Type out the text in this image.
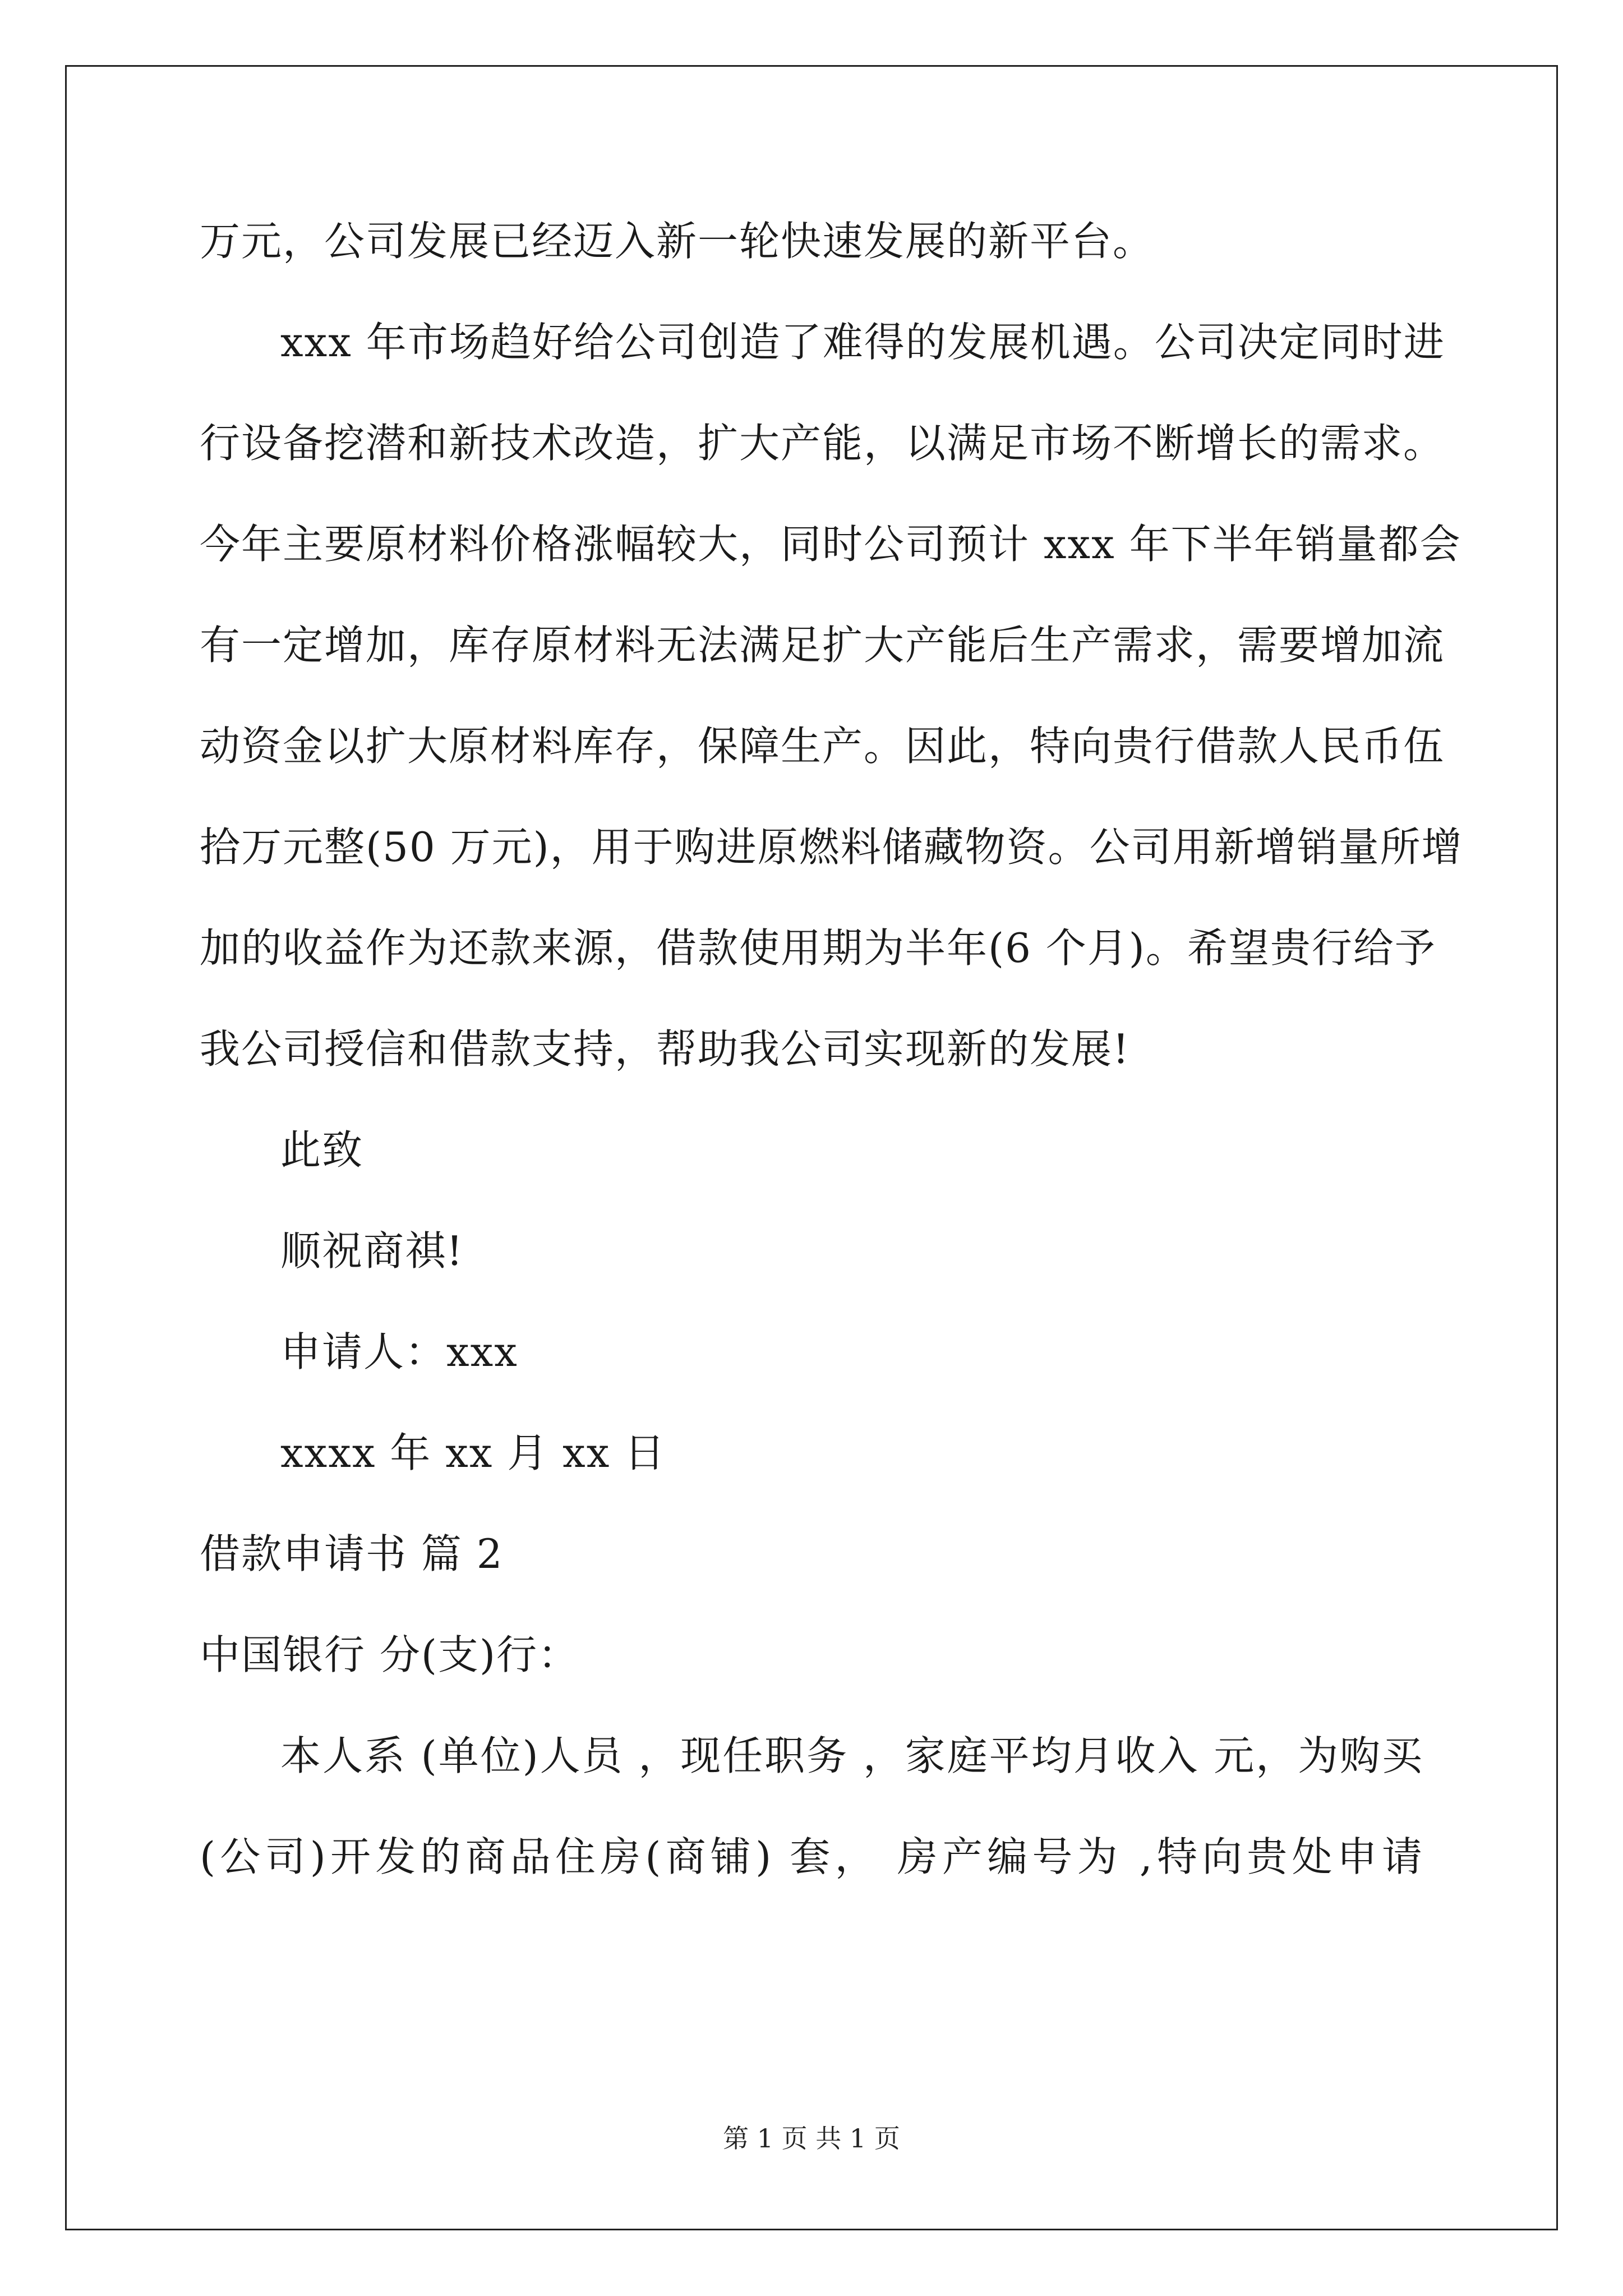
万元，公司发展已经迈入新一轮快速发展的新平台。
xxx 年市场趋好给公司创造了难得的发展机遇。公司决定同时进
行设备挖潜和新技术改造，扩大产能，以满足市场不断增长的需求。
今年主要原材料价格涨幅较大，同时公司预计 xxx 年下半年销量都会
有一定增加，库存原材料无法满足扩大产能后生产需求，需要增加流
动资金以扩大原材料库存，保障生产。因此，特向贵行借款人民币伍
拾万元整(50 万元)，用于购进原燃料储藏物资。公司用新增销量所增
加的收益作为还款来源，借款使用期为半年(6 个月)。希望贵行给予
我公司授信和借款支持，帮助我公司实现新的发展!
此致
顺祝商祺!
申请人：xxx
xxxx 年 xx 月 xx 日
借款申请书 篇 2
中国银行 分(支)行：
本人系 (单位)人员 ，现任职务 ，家庭平均月收入 元，为购买
(公司)开发的商品住房(商铺) 套， 房产编号为 ,特向贵处申请
第 1 页 共 1 页
